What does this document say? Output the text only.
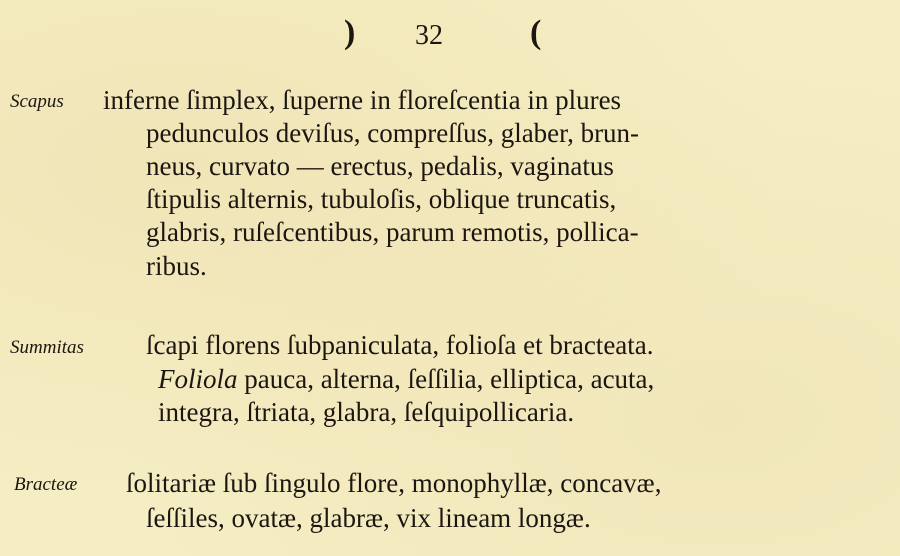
) 32	(
Scapus inferne ſimplex, ſuperne in floreſcentia in plures
pedunculos deviſus, compreſſus, glaber, brun-
neus, curvato — erectus, pedalis, vaginatus
ſtipulis alternis, tubuloſis, oblique truncatis,
glabris, ruſeſcentibus, parum remotis, pollica-
ribus.
Summitas ſcapi florens ſubpaniculata, folioſa et bracteata.
Foliola pauca, alterna, ſeſſilia, elliptica, acuta,
integra, ſtriata, glabra, ſeſquipollicaria.
Bracteæ ſolitariæ ſub ſingulo flore, monophyllæ, concavæ,
ſeſſiles, ovatæ, glabræ, vix lineam longæ.
